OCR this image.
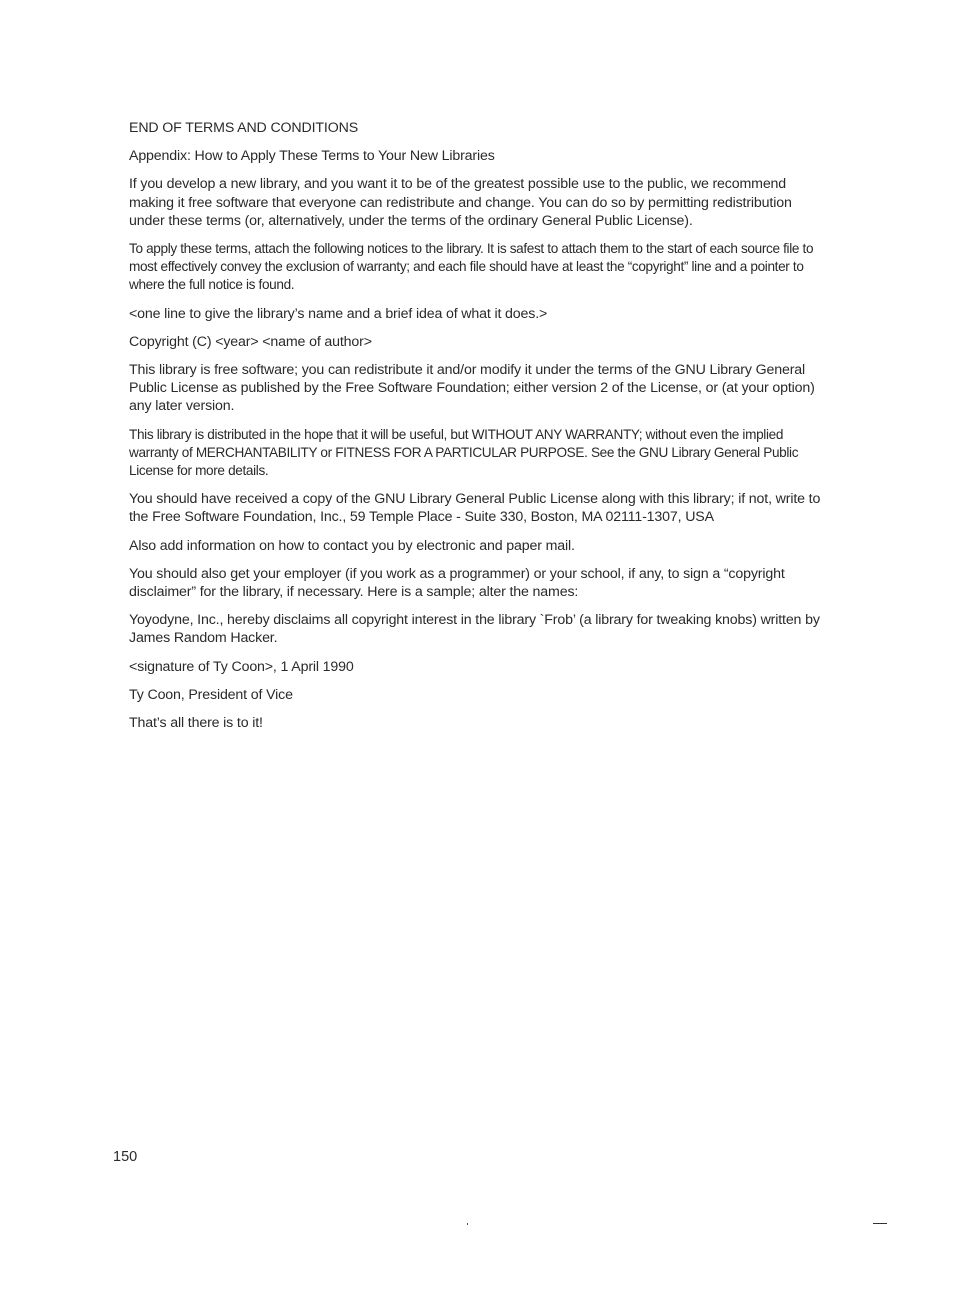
END OF TERMS AND CONDITIONS

Appendix: How to Apply These Terms to Your New Libraries

If you develop a new library, and you want it to be of the greatest possible use to the public, we recommend making it free software that everyone can redistribute and change. You can do so by permitting redistribution under these terms (or, alternatively, under the terms of the ordinary General Public License).

To apply these terms, attach the following notices to the library. It is safest to attach them to the start of each source file to most effectively convey the exclusion of warranty; and each file should have at least the “copyright” line and a pointer to where the full notice is found.

<one line to give the library’s name and a brief idea of what it does.>

Copyright (C) <year> <name of author>

This library is free software; you can redistribute it and/or modify it under the terms of the GNU Library General Public License as published by the Free Software Foundation; either version 2 of the License, or (at your option) any later version.

This library is distributed in the hope that it will be useful, but WITHOUT ANY WARRANTY; without even the implied warranty of MERCHANTABILITY or FITNESS FOR A PARTICULAR PURPOSE. See the GNU Library General Public License for more details.

You should have received a copy of the GNU Library General Public License along with this library; if not, write to the Free Software Foundation, Inc., 59 Temple Place - Suite 330, Boston, MA 02111-1307, USA

Also add information on how to contact you by electronic and paper mail.

You should also get your employer (if you work as a programmer) or your school, if any, to sign a “copyright disclaimer” for the library, if necessary. Here is a sample; alter the names:

Yoyodyne, Inc., hereby disclaims all copyright interest in the library `Frob’ (a library for tweaking knobs) written by James Random Hacker.

<signature of Ty Coon>, 1 April 1990

Ty Coon, President of Vice

That’s all there is to it!

150
